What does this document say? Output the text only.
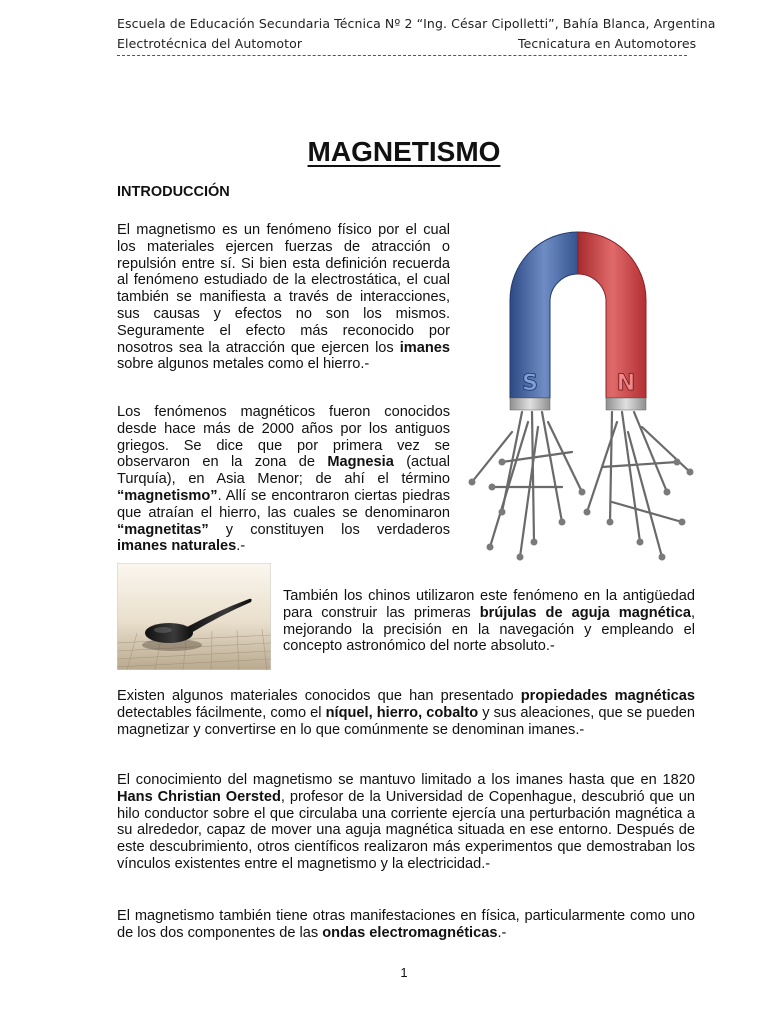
Escuela de Educación Secundaria Técnica Nº 2 “Ing. César Cipolletti”, Bahía Blanca, Argentina
Electrotécnica del Automotor	Tecnicatura en Automotores
MAGNETISMO
INTRODUCCIÓN

El magnetismo es un fenómeno físico por el cual los materiales ejercen fuerzas de atracción o repulsión entre sí. Si bien esta definición recuerda al fenómeno estudiado de la electrostática, el cual también se manifiesta a través de interacciones, sus causas y efectos no son los mismos. Seguramente el efecto más reconocido por nosotros sea la atracción que ejercen los imanes sobre algunos metales como el hierro.-

Los fenómenos magnéticos fueron conocidos desde hace más de 2000 años por los antiguos griegos. Se dice que por primera vez se observaron en la zona de Magnesia (actual Turquía), en Asia Menor; de ahí el término “magnetismo”. Allí se encontraron ciertas piedras que atraían el hierro, las cuales se denominaron “magnetitas” y constituyen los verdaderos imanes naturales.-

También los chinos utilizaron este fenómeno en la antigüedad para construir las primeras brújulas de aguja magnética, mejorando la precisión en la navegación y empleando el concepto astronómico del norte absoluto.-

Existen algunos materiales conocidos que han presentado propiedades magnéticas detectables fácilmente, como el níquel, hierro, cobalto y sus aleaciones, que se pueden magnetizar y convertirse en lo que comúnmente se denominan imanes.-

El conocimiento del magnetismo se mantuvo limitado a los imanes hasta que en 1820 Hans Christian Oersted, profesor de la Universidad de Copenhague, descubrió que un hilo conductor sobre el que circulaba una corriente ejercía una perturbación magnética a su alrededor, capaz de mover una aguja magnética situada en ese entorno. Después de este descubrimiento, otros científicos realizaron más experimentos que demostraban los vínculos existentes entre el magnetismo y la electricidad.-

El magnetismo también tiene otras manifestaciones en física, particularmente como uno de los dos componentes de las ondas electromagnéticas.-

S	N
1
